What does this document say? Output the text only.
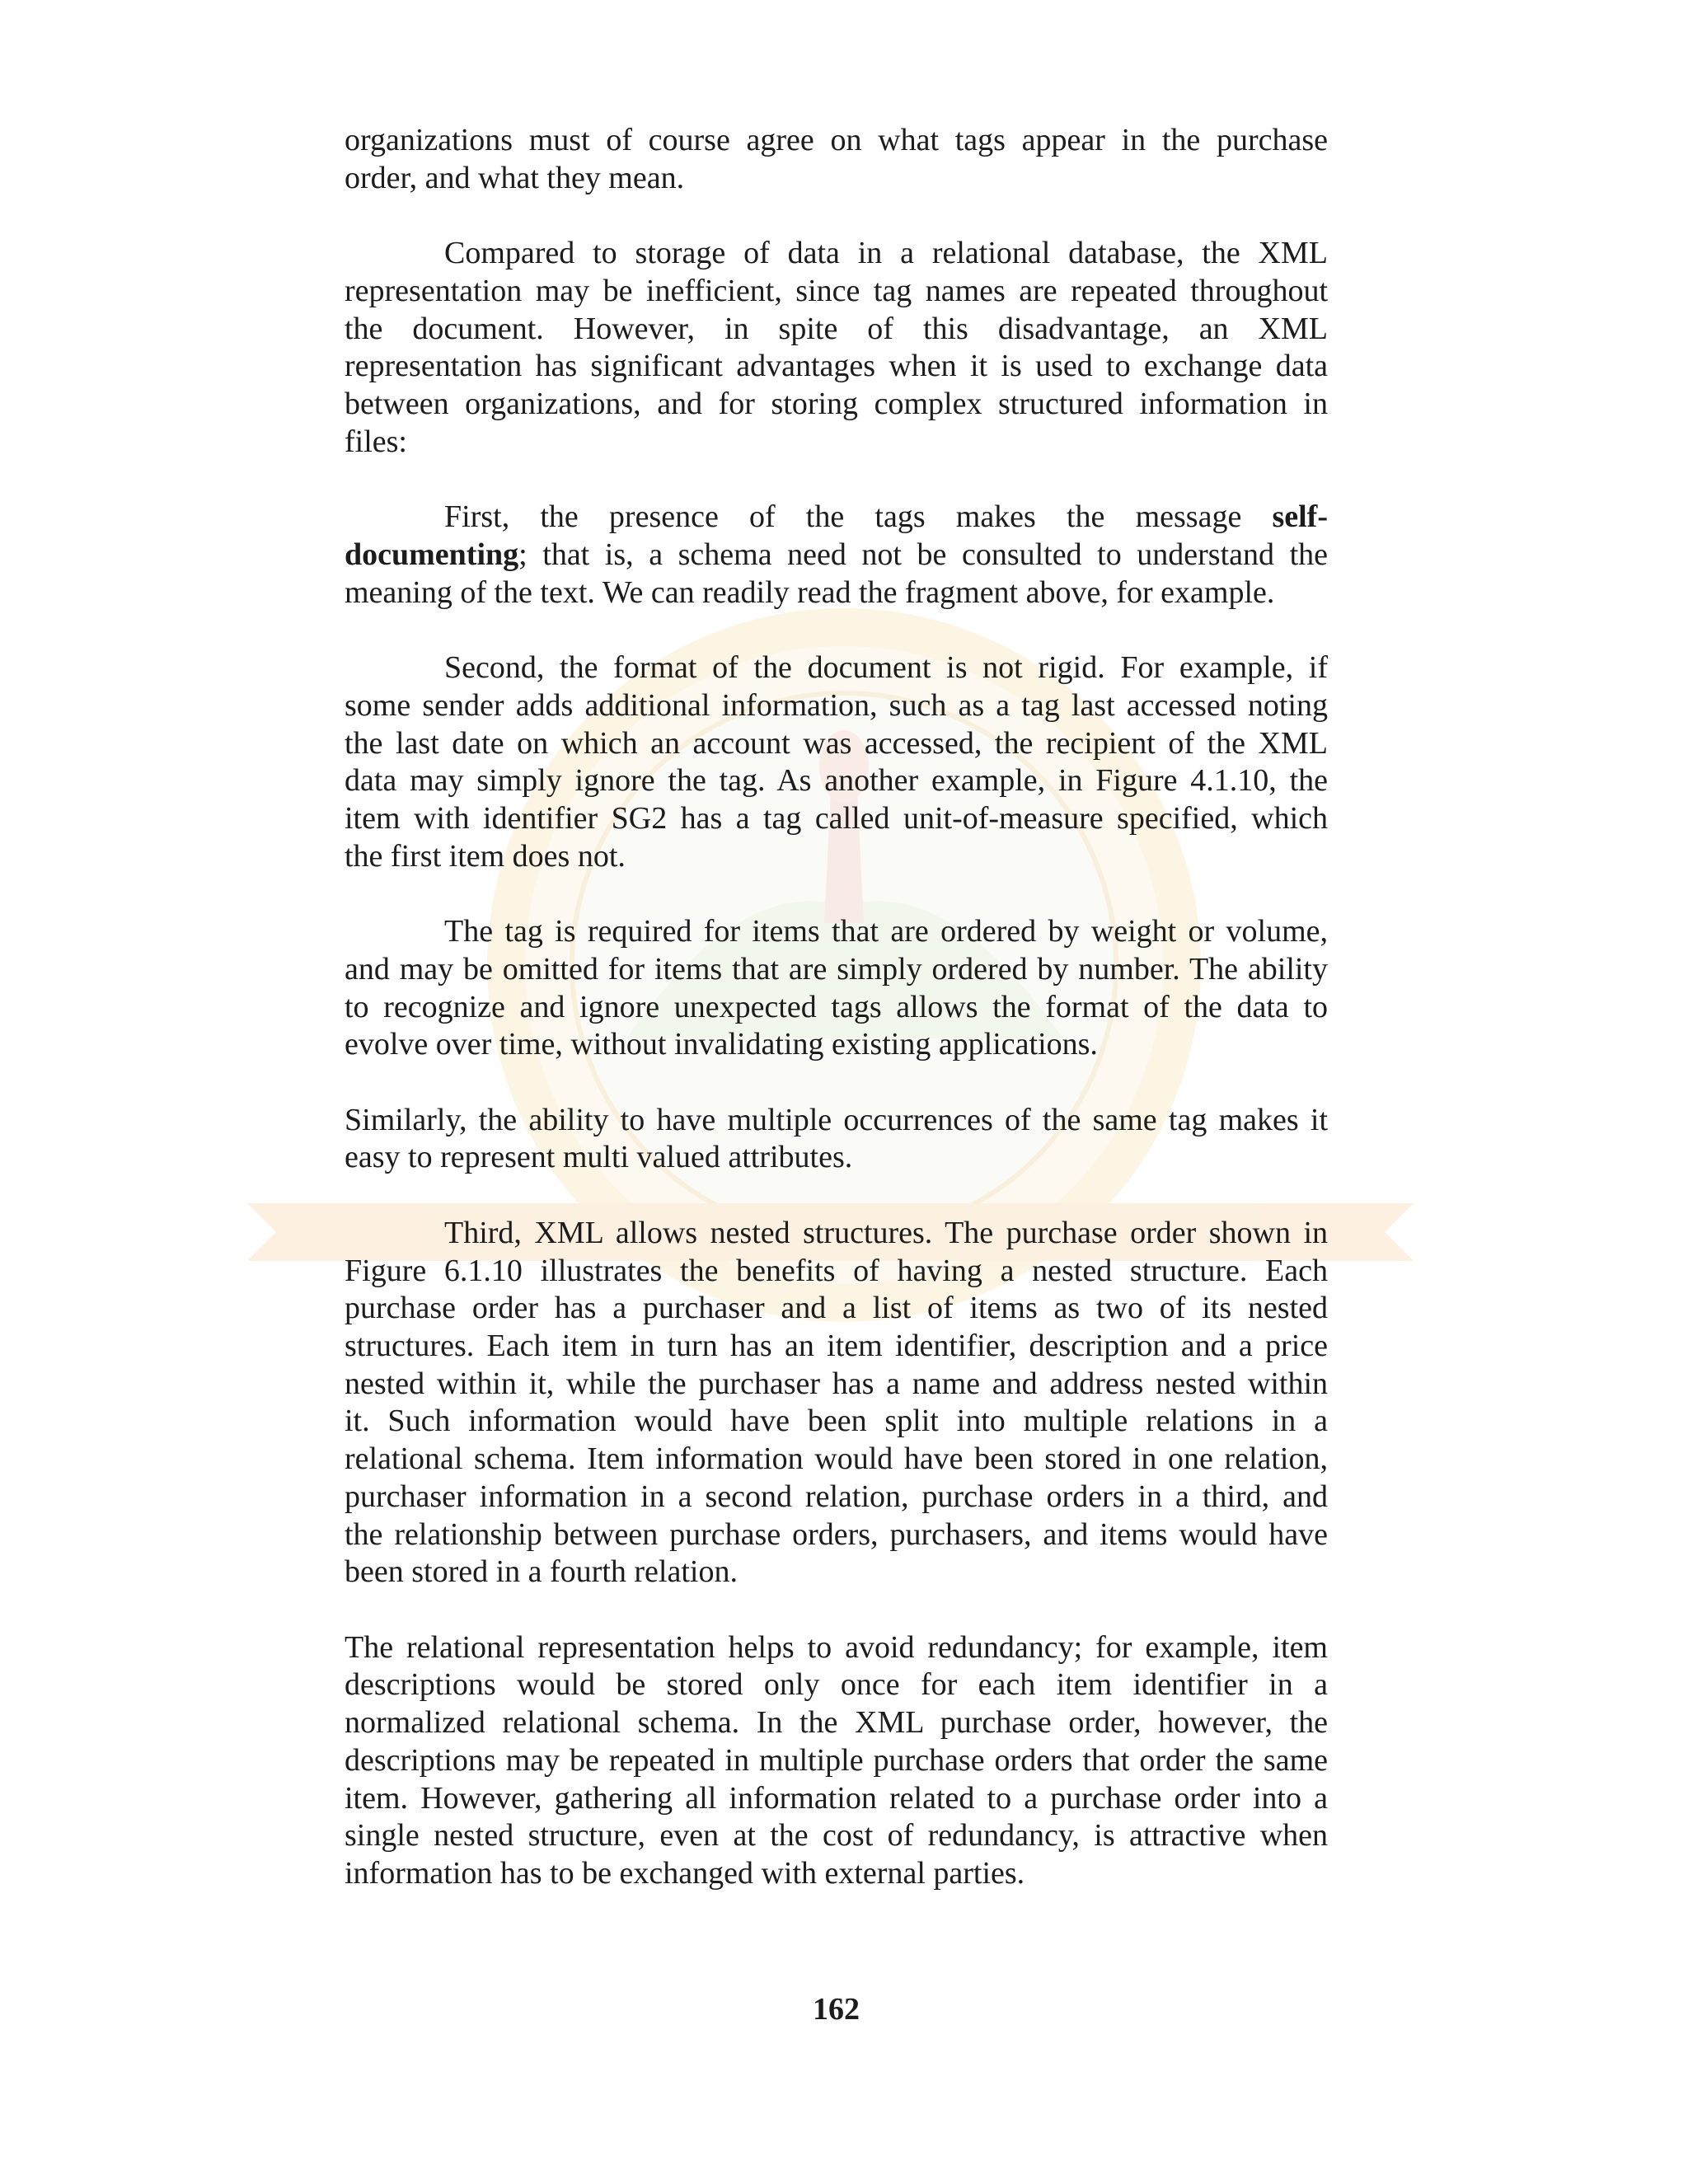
organizations must of course agree on what tags appear in the purchase
order, and what they mean.
Compared to storage of data in a relational database, the XML
representation may be inefficient, since tag names are repeated throughout
the document. However, in spite of this disadvantage, an XML
representation has significant advantages when it is used to exchange data
between organizations, and for storing complex structured information in
files:
First, the presence of the tags makes the message self-
documenting; that is, a schema need not be consulted to understand the
meaning of the text. We can readily read the fragment above, for example.
Second, the format of the document is not rigid. For example, if
some sender adds additional information, such as a tag last accessed noting
the last date on which an account was accessed, the recipient of the XML
data may simply ignore the tag. As another example, in Figure 4.1.10, the
item with identifier SG2 has a tag called unit-of-measure specified, which
the first item does not.
The tag is required for items that are ordered by weight or volume,
and may be omitted for items that are simply ordered by number. The ability
to recognize and ignore unexpected tags allows the format of the data to
evolve over time, without invalidating existing applications.
Similarly, the ability to have multiple occurrences of the same tag makes it
easy to represent multi valued attributes.
Third, XML allows nested structures. The purchase order shown in
Figure 6.1.10 illustrates the benefits of having a nested structure. Each
purchase order has a purchaser and a list of items as two of its nested
structures. Each item in turn has an item identifier, description and a price
nested within it, while the purchaser has a name and address nested within
it. Such information would have been split into multiple relations in a
relational schema. Item information would have been stored in one relation,
purchaser information in a second relation, purchase orders in a third, and
the relationship between purchase orders, purchasers, and items would have
been stored in a fourth relation.
The relational representation helps to avoid redundancy; for example, item
descriptions would be stored only once for each item identifier in a
normalized relational schema. In the XML purchase order, however, the
descriptions may be repeated in multiple purchase orders that order the same
item. However, gathering all information related to a purchase order into a
single nested structure, even at the cost of redundancy, is attractive when
information has to be exchanged with external parties.
162
